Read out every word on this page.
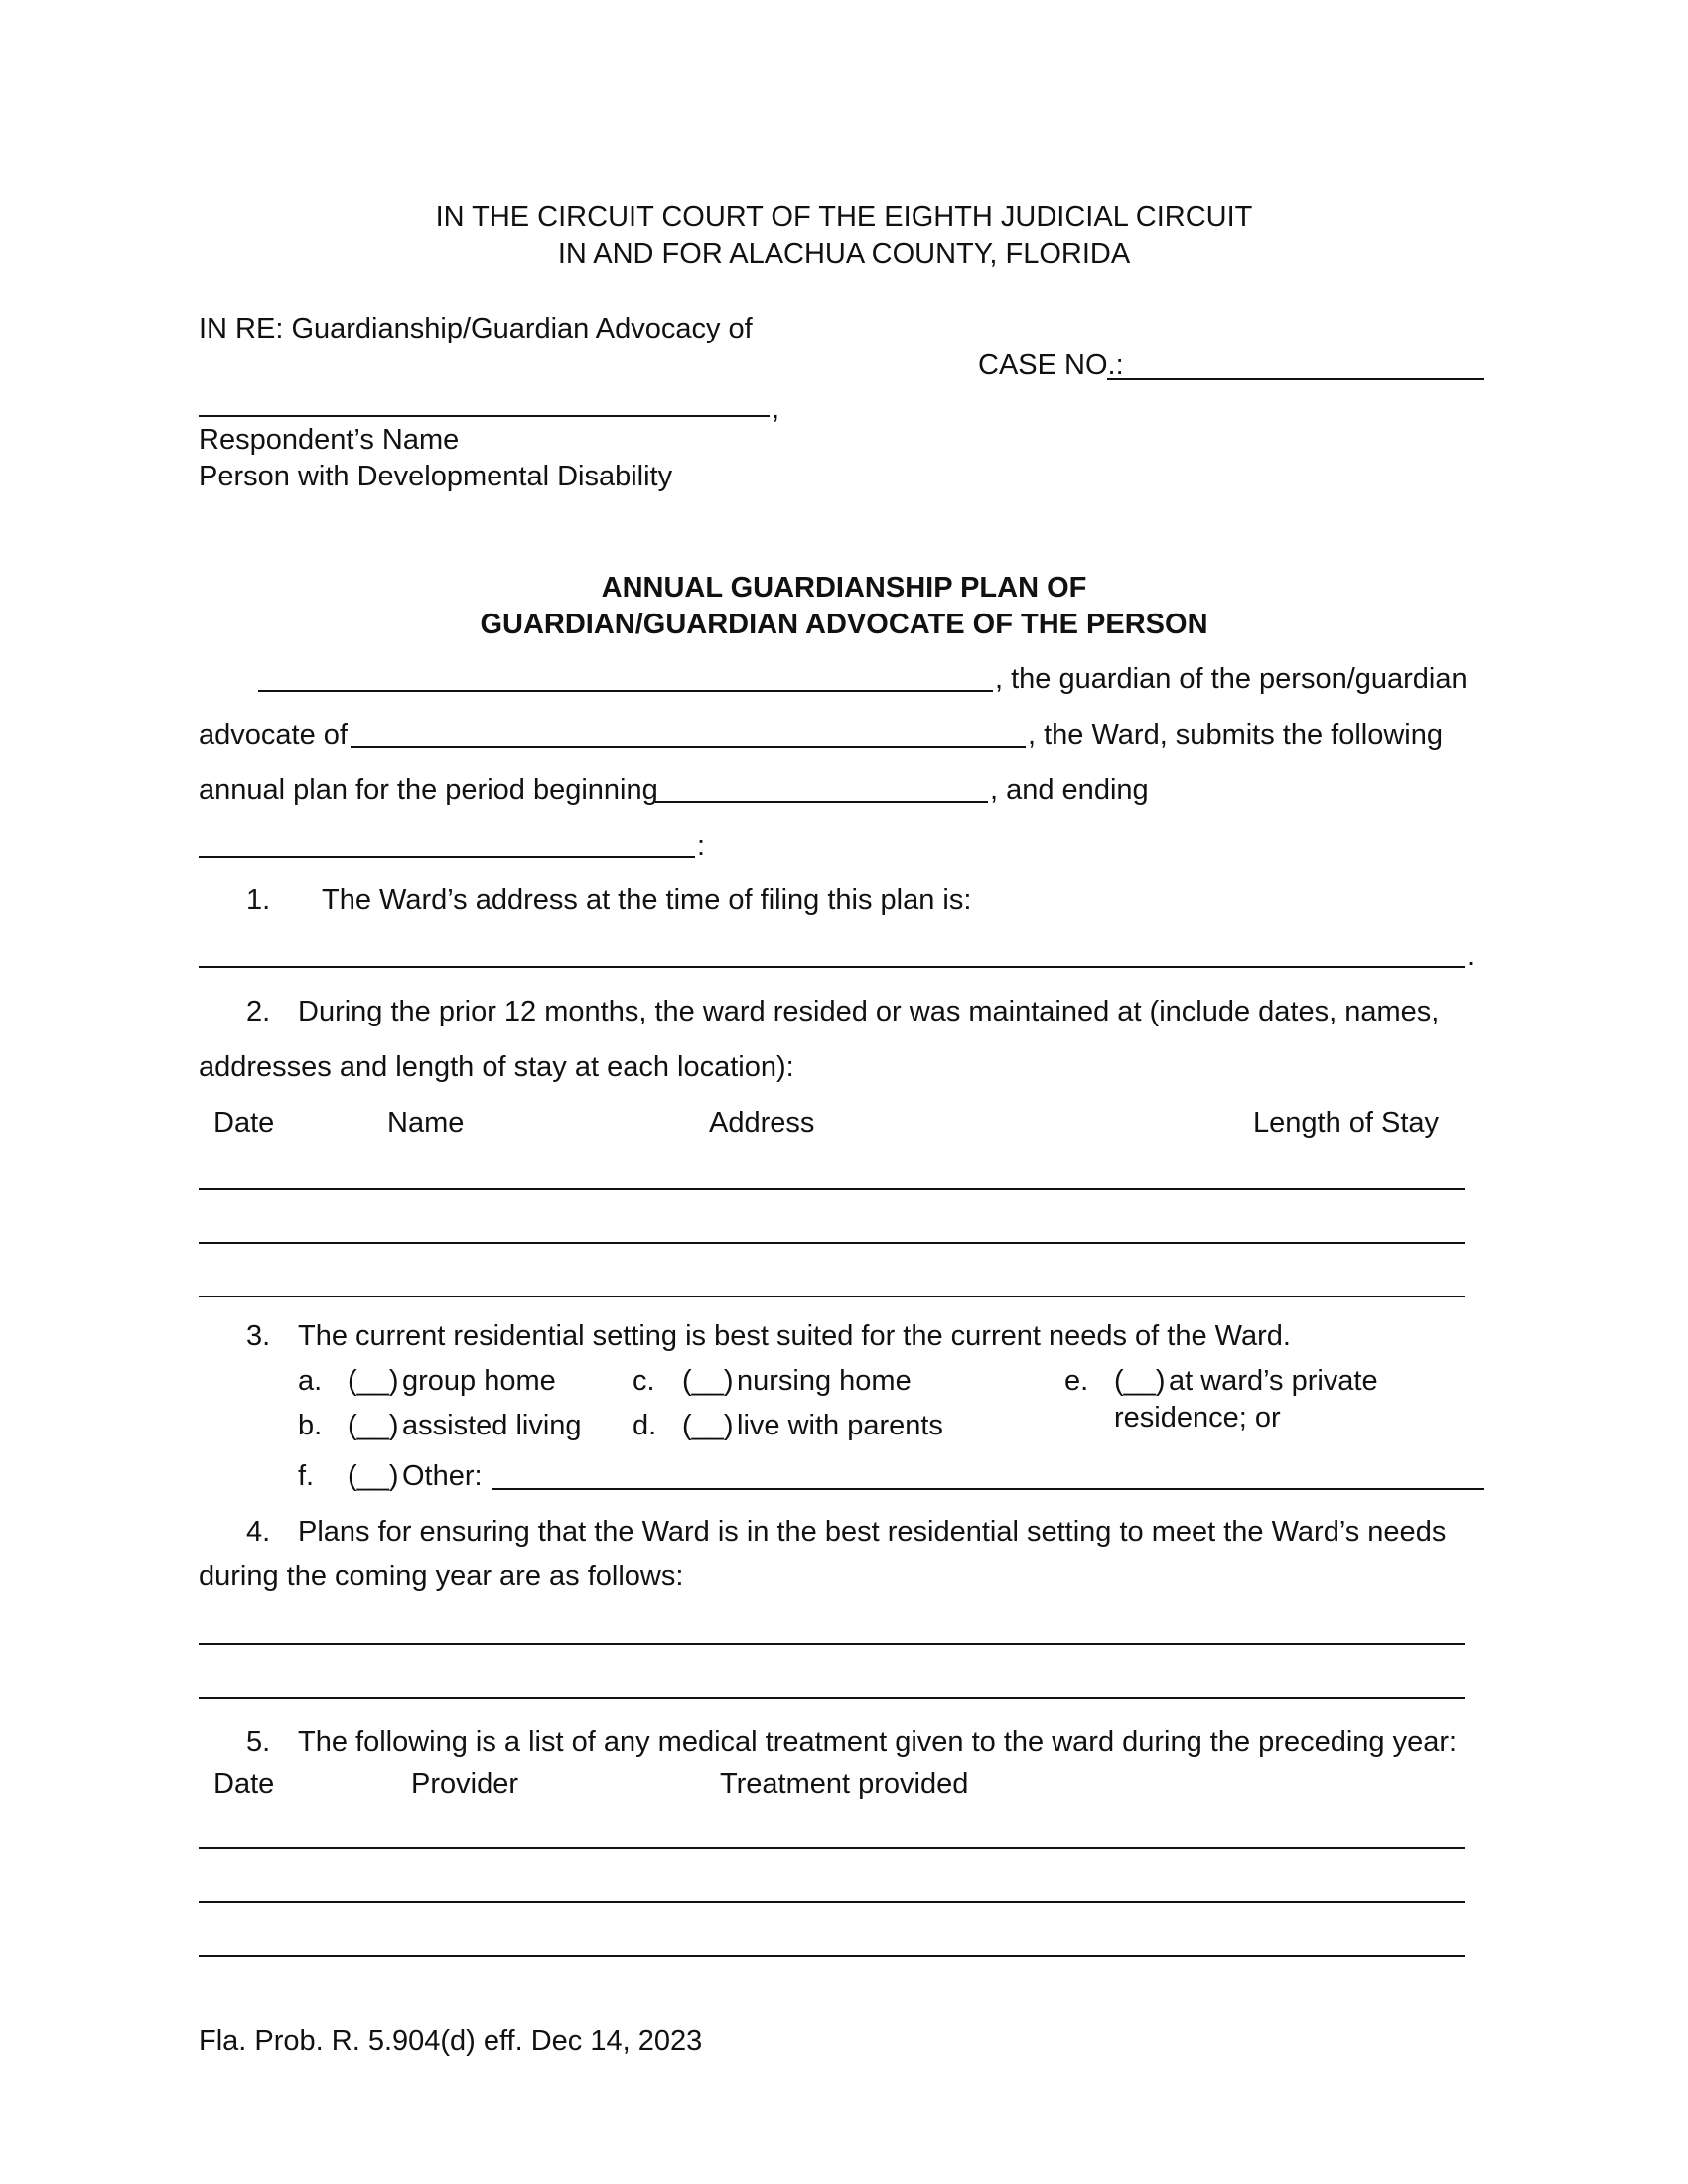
IN THE CIRCUIT COURT OF THE EIGHTH JUDICIAL CIRCUIT
IN AND FOR ALACHUA COUNTY, FLORIDA
IN RE: Guardianship/Guardian Advocacy of
CASE NO.:
,
Respondent’s Name
Person with Developmental Disability
ANNUAL GUARDIANSHIP PLAN OF
GUARDIAN/GUARDIAN ADVOCATE OF THE PERSON
, the guardian of the person/guardian
advocate of	, the Ward, submits the following
annual plan for the period beginning	, and ending
:
1. The Ward’s address at the time of filing this plan is:
.
2. During the prior 12 months, the ward resided or was maintained at (include dates, names,
addresses and length of stay at each location):
Date	Name	Address	Length of Stay
3. The current residential setting is best suited for the current needs of the Ward.
a. (__) group home
b. (__) assisted living
c. (__) nursing home
d. (__) live with parents
e. (__) at ward’s private
residence; or
f. (__) Other:
4. Plans for ensuring that the Ward is in the best residential setting to meet the Ward’s needs
during the coming year are as follows:
5. The following is a list of any medical treatment given to the ward during the preceding year:
Date	Provider	Treatment provided
Fla. Prob. R. 5.904(d) eff. Dec 14, 2023
